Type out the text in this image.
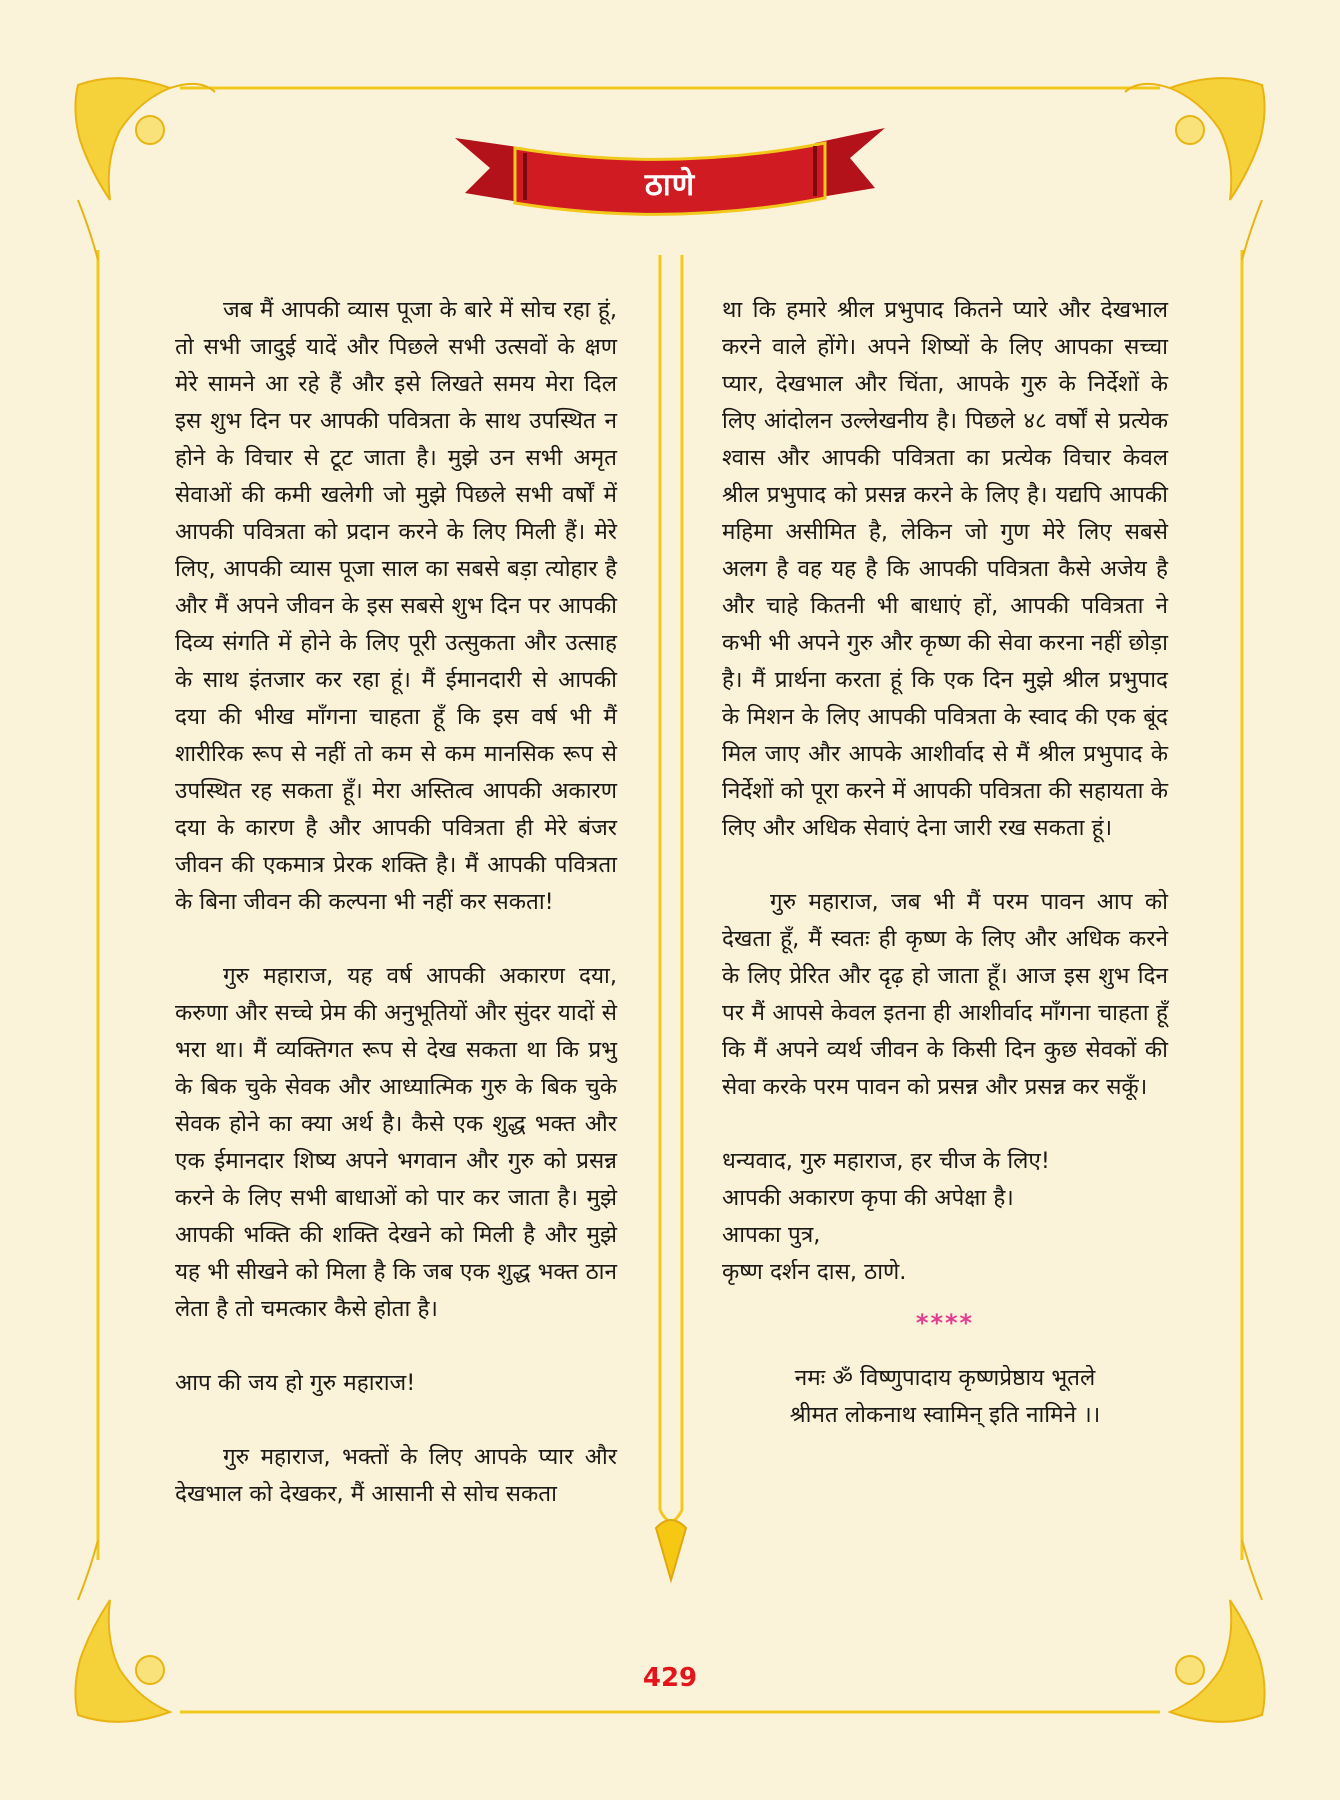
ठाणे

जब मैं आपकी व्यास पूजा के बारे में सोच रहा हूं, तो सभी जादुई यादें और पिछले सभी उत्सवों के क्षण मेरे सामने आ रहे हैं और इसे लिखते समय मेरा दिल इस शुभ दिन पर आपकी पवित्रता के साथ उपस्थित न होने के विचार से टूट जाता है। मुझे उन सभी अमृत सेवाओं की कमी खलेगी जो मुझे पिछले सभी वर्षों में आपकी पवित्रता को प्रदान करने के लिए मिली हैं। मेरे लिए, आपकी व्यास पूजा साल का सबसे बड़ा त्योहार है और मैं अपने जीवन के इस सबसे शुभ दिन पर आपकी दिव्य संगति में होने के लिए पूरी उत्सुकता और उत्साह के साथ इंतजार कर रहा हूं। मैं ईमानदारी से आपकी दया की भीख माँगना चाहता हूँ कि इस वर्ष भी मैं शारीरिक रूप से नहीं तो कम से कम मानसिक रूप से उपस्थित रह सकता हूँ। मेरा अस्तित्व आपकी अकारण दया के कारण है और आपकी पवित्रता ही मेरे बंजर जीवन की एकमात्र प्रेरक शक्ति है। मैं आपकी पवित्रता के बिना जीवन की कल्पना भी नहीं कर सकता!

गुरु महाराज, यह वर्ष आपकी अकारण दया, करुणा और सच्चे प्रेम की अनुभूतियों और सुंदर यादों से भरा था। मैं व्यक्तिगत रूप से देख सकता था कि प्रभु के बिक चुके सेवक और आध्यात्मिक गुरु के बिक चुके सेवक होने का क्या अर्थ है। कैसे एक शुद्ध भक्त और एक ईमानदार शिष्य अपने भगवान और गुरु को प्रसन्न करने के लिए सभी बाधाओं को पार कर जाता है। मुझे आपकी भक्ति की शक्ति देखने को मिली है और मुझे यह भी सीखने को मिला है कि जब एक शुद्ध भक्त ठान लेता है तो चमत्कार कैसे होता है।

आप की जय हो गुरु महाराज!

गुरु महाराज, भक्तों के लिए आपके प्यार और देखभाल को देखकर, मैं आसानी से सोच सकता

था कि हमारे श्रील प्रभुपाद कितने प्यारे और देखभाल करने वाले होंगे। अपने शिष्यों के लिए आपका सच्चा प्यार, देखभाल और चिंता, आपके गुरु के निर्देशों के लिए आंदोलन उल्लेखनीय है। पिछले ४८ वर्षों से प्रत्येक श्वास और आपकी पवित्रता का प्रत्येक विचार केवल श्रील प्रभुपाद को प्रसन्न करने के लिए है। यद्यपि आपकी महिमा असीमित है, लेकिन जो गुण मेरे लिए सबसे अलग है वह यह है कि आपकी पवित्रता कैसे अजेय है और चाहे कितनी भी बाधाएं हों, आपकी पवित्रता ने कभी भी अपने गुरु और कृष्ण की सेवा करना नहीं छोड़ा है। मैं प्रार्थना करता हूं कि एक दिन मुझे श्रील प्रभुपाद के मिशन के लिए आपकी पवित्रता के स्वाद की एक बूंद मिल जाए और आपके आशीर्वाद से मैं श्रील प्रभुपाद के निर्देशों को पूरा करने में आपकी पवित्रता की सहायता के लिए और अधिक सेवाएं देना जारी रख सकता हूं।

गुरु महाराज, जब भी मैं परम पावन आप को देखता हूँ, मैं स्वतः ही कृष्ण के लिए और अधिक करने के लिए प्रेरित और दृढ़ हो जाता हूँ। आज इस शुभ दिन पर मैं आपसे केवल इतना ही आशीर्वाद माँगना चाहता हूँ कि मैं अपने व्यर्थ जीवन के किसी दिन कुछ सेवकों की सेवा करके परम पावन को प्रसन्न और प्रसन्न कर सकूँ।

धन्यवाद, गुरु महाराज, हर चीज के लिए!
आपकी अकारण कृपा की अपेक्षा है।
आपका पुत्र,
कृष्ण दर्शन दास, ठाणे.
****
नमः ॐ विष्णुपादाय कृष्णप्रेष्ठाय भूतले
श्रीमत लोकनाथ स्वामिन् इति नामिने ।।
429
